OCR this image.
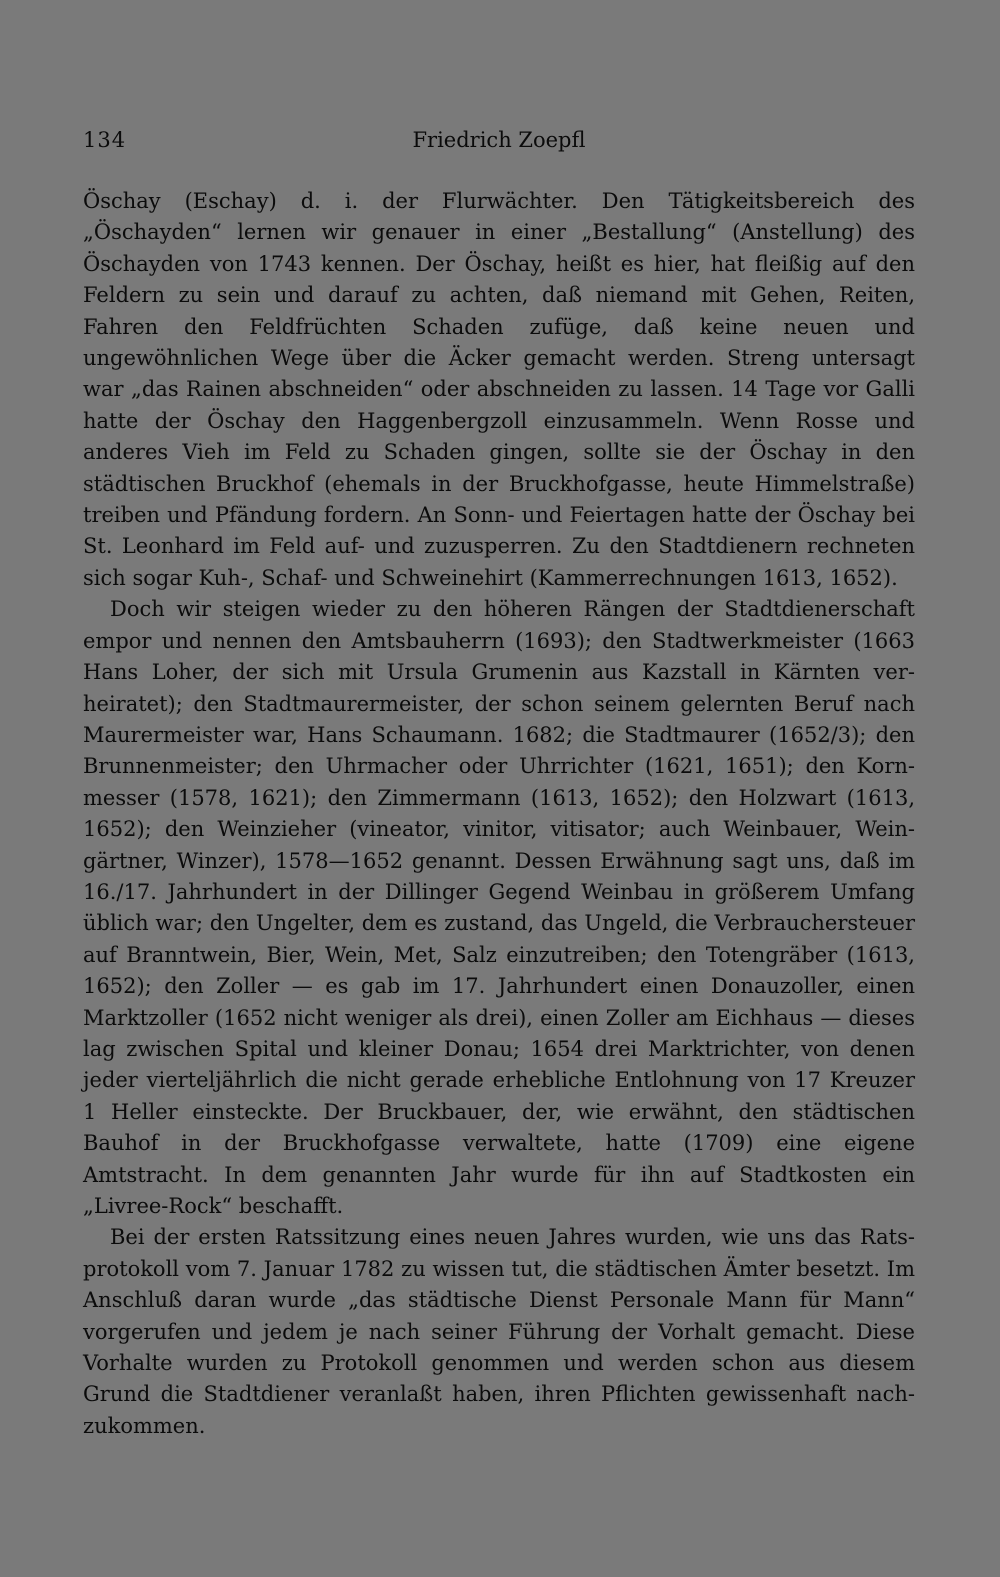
134	Friedrich Zoepfl

Öschay (Eschay) d. i. der Flurwächter. Den Tätigkeitsbereich des „Öschayden“ lernen wir genauer in einer „Bestallung“ (Anstellung) des Öschayden von 1743 kennen. Der Öschay, heißt es hier, hat fleißig auf den Feldern zu sein und darauf zu achten, daß niemand mit Gehen, Reiten, Fahren den Feldfrüchten Schaden zufüge, daß keine neuen und ungewöhnlichen Wege über die Äcker gemacht werden. Streng untersagt war „das Rainen abschneiden“ oder abschneiden zu lassen. 14 Tage vor Galli hatte der Öschay den Haggenbergzoll einzusammeln. Wenn Rosse und anderes Vieh im Feld zu Schaden gingen, sollte sie der Öschay in den städtischen Bruckhof (ehemals in der Bruckhofgasse, heute Himmelstraße) treiben und Pfändung fordern. An Sonn- und Feiertagen hatte der Öschay bei St. Leonhard im Feld auf- und zuzusperren. Zu den Stadtdienern rechneten sich sogar Kuh-, Schaf- und Schweinehirt (Kammerrechnungen 1613, 1652).

Doch wir steigen wieder zu den höheren Rängen der Stadtdienerschaft empor und nennen den Amtsbauherrn (1693); den Stadtwerkmeister (1663 Hans Loher, der sich mit Ursula Grumenin aus Kazstall in Kärnten verheiratet); den Stadtmaurermeister, der schon seinem gelernten Beruf nach Maurermeister war, Hans Schaumann. 1682; die Stadtmaurer (1652/3); den Brunnenmeister; den Uhrmacher oder Uhrrichter (1621, 1651); den Kornmesser (1578, 1621); den Zimmermann (1613, 1652); den Holzwart (1613, 1652); den Weinzieher (vineator, vinitor, vitisator; auch Weinbauer, Weingärtner, Winzer), 1578—1652 genannt. Dessen Erwähnung sagt uns, daß im 16./17. Jahrhundert in der Dillinger Gegend Weinbau in größerem Umfang üblich war; den Ungelter, dem es zustand, das Ungeld, die Verbrauchersteuer auf Branntwein, Bier, Wein, Met, Salz einzutreiben; den Totengräber (1613, 1652); den Zoller — es gab im 17. Jahrhundert einen Donauzoller, einen Marktzoller (1652 nicht weniger als drei), einen Zoller am Eichhaus — dieses lag zwischen Spital und kleiner Donau; 1654 drei Marktrichter, von denen jeder vierteljährlich die nicht gerade erhebliche Entlohnung von 17 Kreuzer 1 Heller einsteckte. Der Bruckbauer, der, wie erwähnt, den städtischen Bauhof in der Bruckhofgasse verwaltete, hatte (1709) eine eigene Amtstracht. In dem genannten Jahr wurde für ihn auf Stadtkosten ein „Livree-Rock“ beschafft.

Bei der ersten Ratssitzung eines neuen Jahres wurden, wie uns das Ratsprotokoll vom 7. Januar 1782 zu wissen tut, die städtischen Ämter besetzt. Im Anschluß daran wurde „das städtische Dienst Personale Mann für Mann“ vorgerufen und jedem je nach seiner Führung der Vorhalt gemacht. Diese Vorhalte wurden zu Protokoll genommen und werden schon aus diesem Grund die Stadtdiener veranlaßt haben, ihren Pflichten gewissenhaft nachzukommen.
